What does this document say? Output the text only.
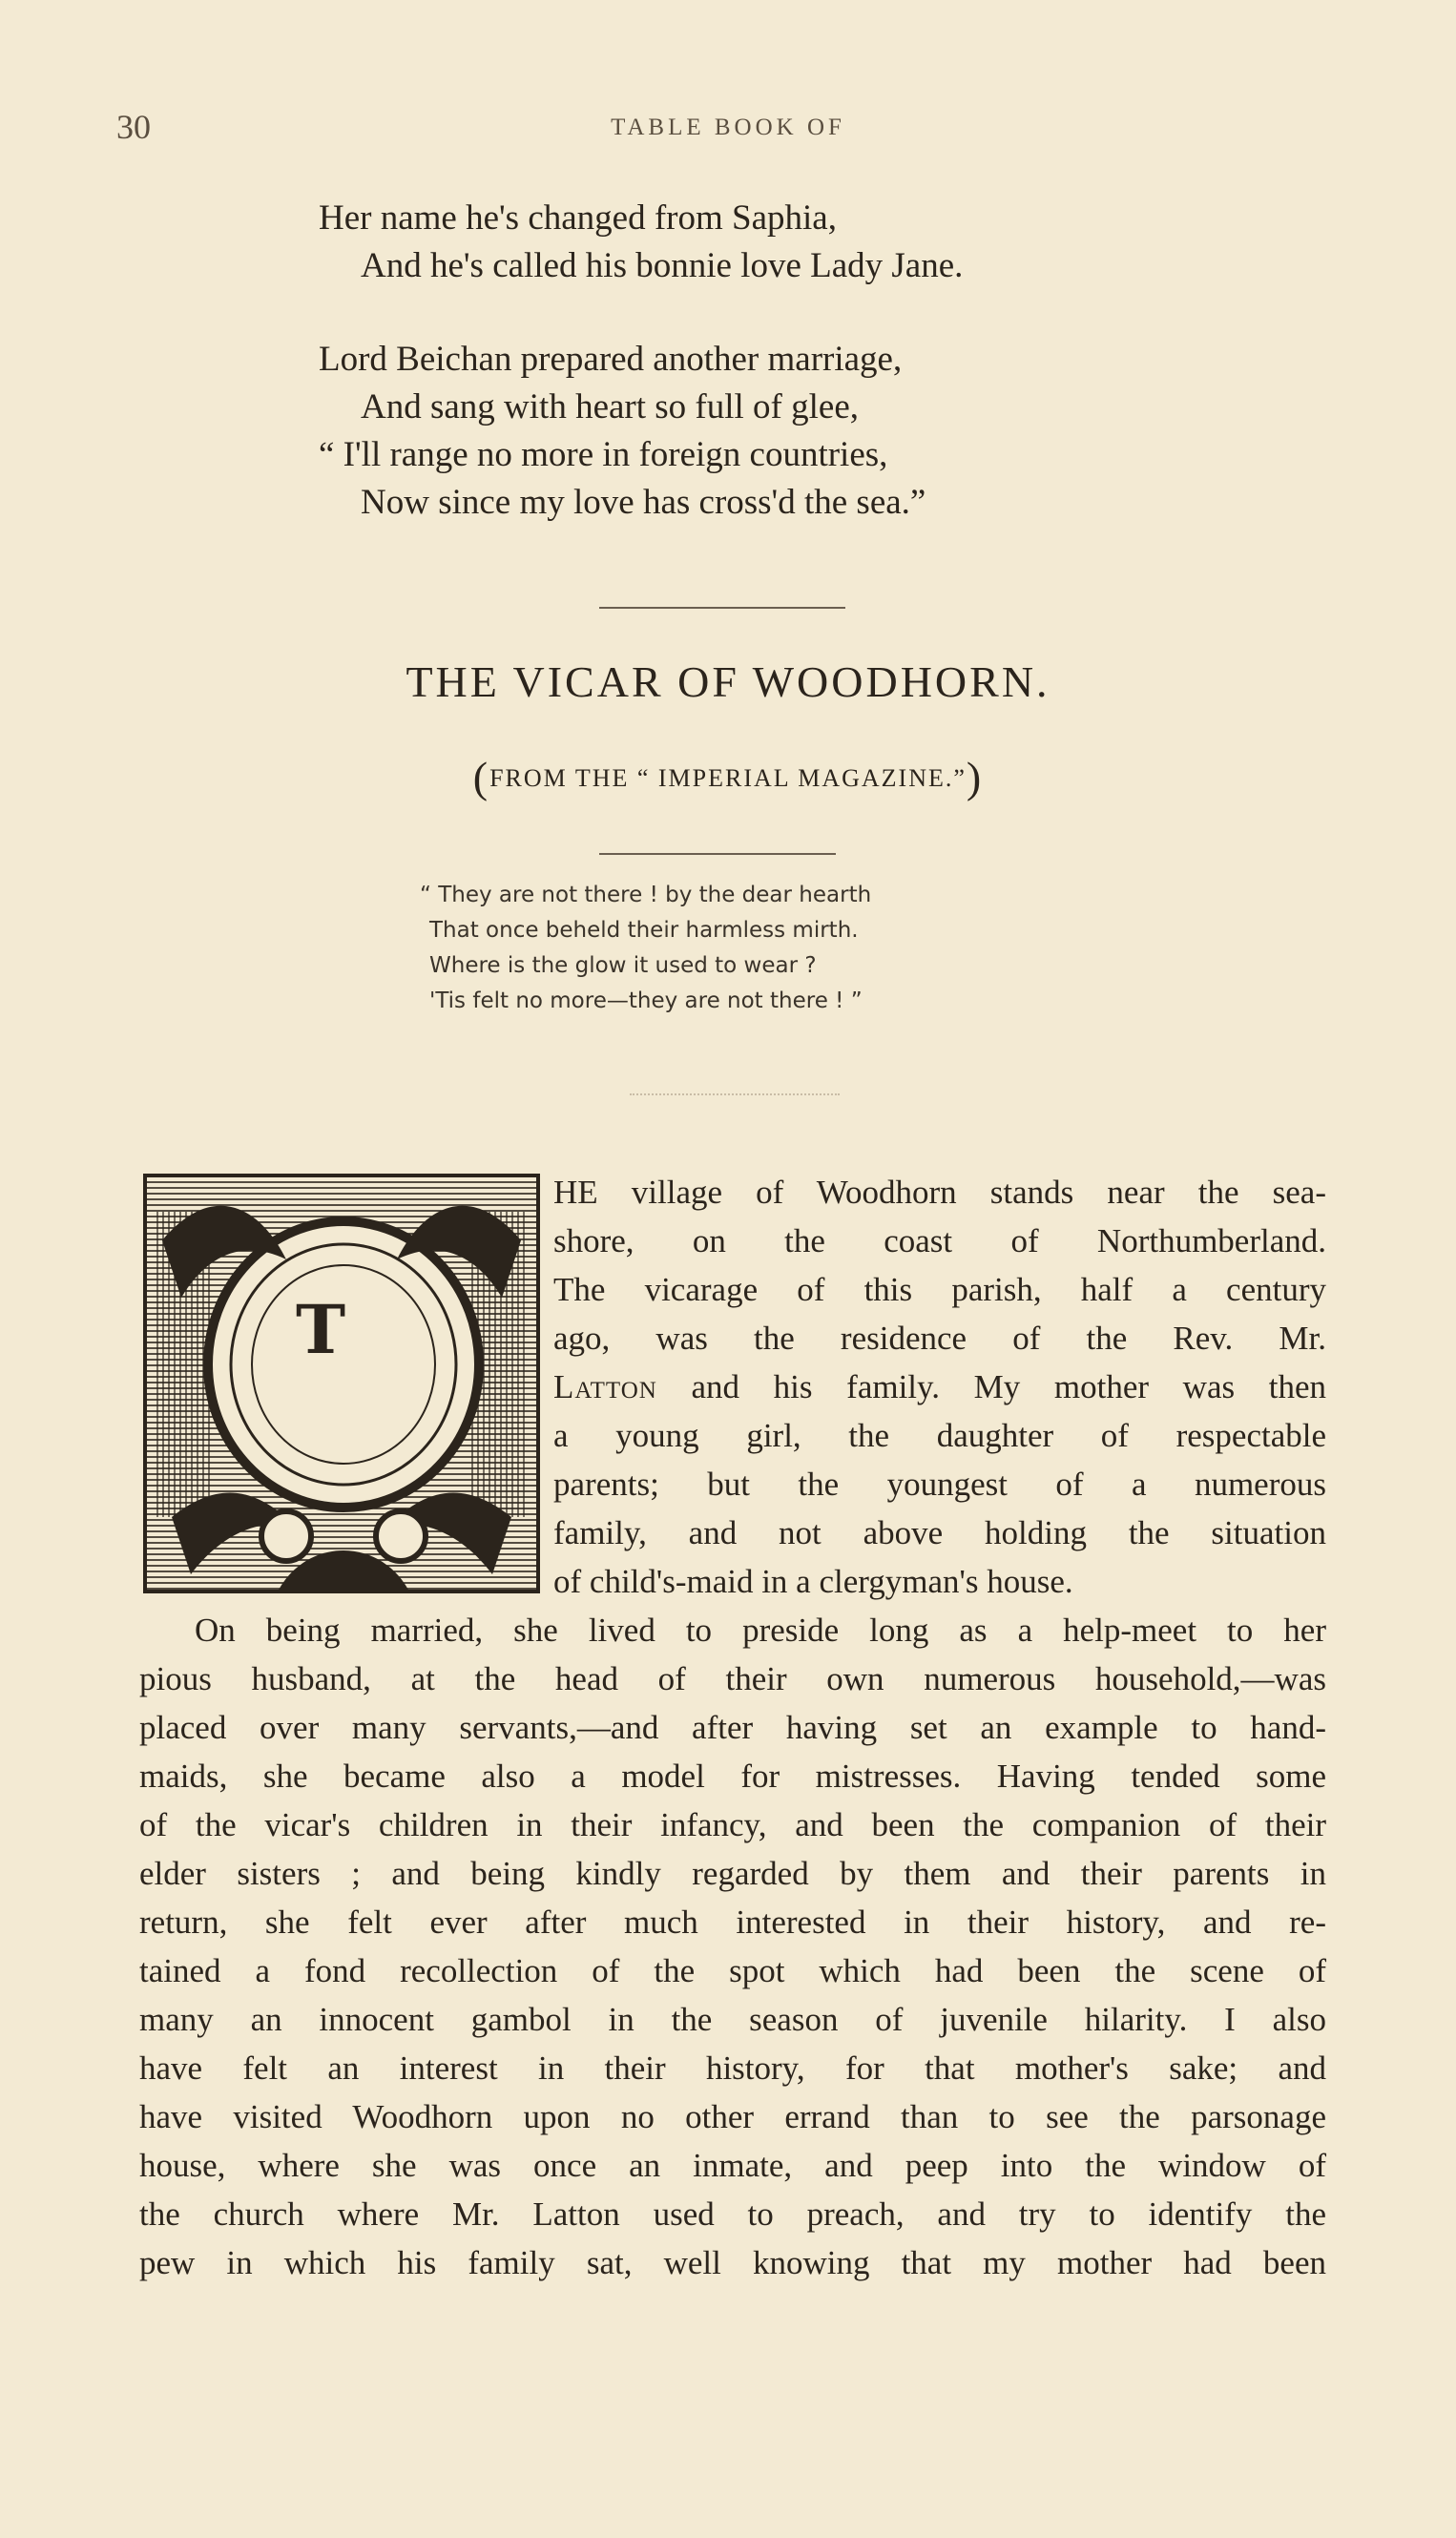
30	TABLE BOOK OF
Her name he's changed from Saphia,
And he's called his bonnie love Lady Jane.
Lord Beichan prepared another marriage,
And sang with heart so full of glee,
“ I'll range no more in foreign countries,
Now since my love has cross'd the sea.”
THE VICAR OF WOODHORN.
(FROM THE “ IMPERIAL MAGAZINE.”)
“ They are not there ! by the dear hearth
That once beheld their harmless mirth.
Where is the glow it used to wear ?
'Tis felt no more—they are not there ! ”
T
HE village of Woodhorn stands near the sea-
shore, on the coast of Northumberland.
The vicarage of this parish, half a century
ago, was the residence of the Rev. Mr.
Latton and his family. My mother was then
a young girl, the daughter of respectable
parents; but the youngest of a numerous
family, and not above holding the situation
of child's-maid in a clergyman's house.
On being married, she lived to preside long as a help-meet to her
pious husband, at the head of their own numerous household,—was
placed over many servants,—and after having set an example to hand-
maids, she became also a model for mistresses. Having tended some
of the vicar's children in their infancy, and been the companion of their
elder sisters ; and being kindly regarded by them and their parents in
return, she felt ever after much interested in their history, and re-
tained a fond recollection of the spot which had been the scene of
many an innocent gambol in the season of juvenile hilarity. I also
have felt an interest in their history, for that mother's sake; and
have visited Woodhorn upon no other errand than to see the parsonage
house, where she was once an inmate, and peep into the window of
the church where Mr. Latton used to preach, and try to identify the
pew in which his family sat, well knowing that my mother had been
